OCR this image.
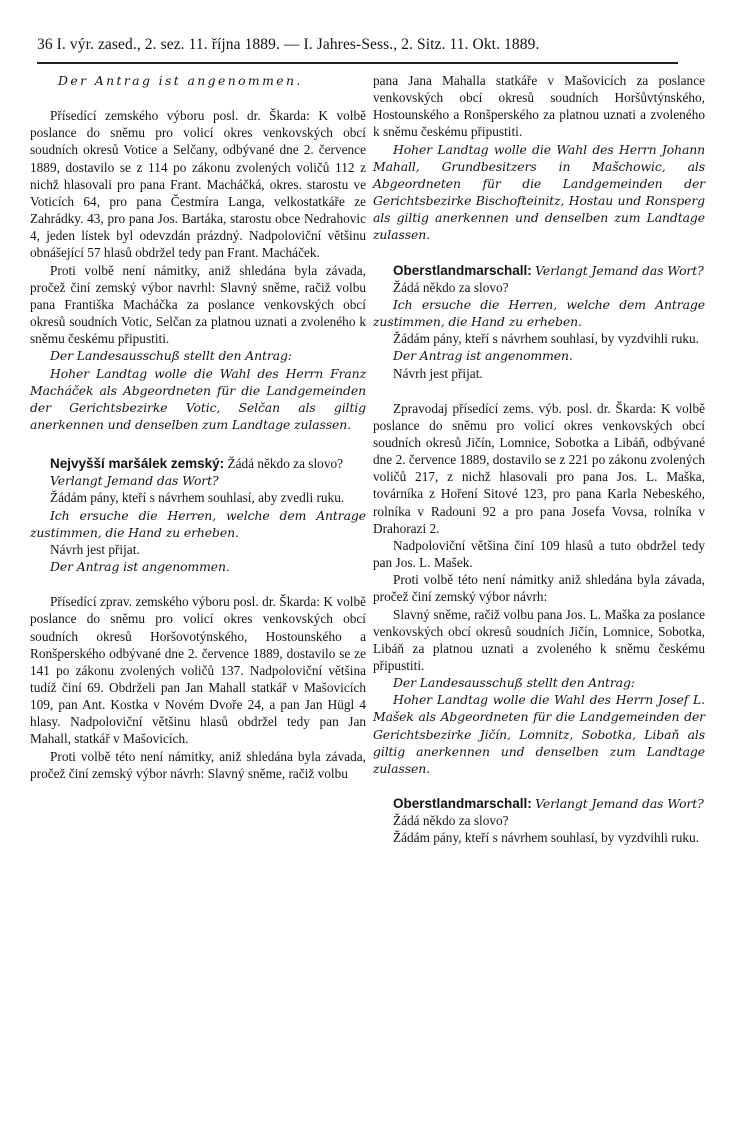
36 I. výr. zased., 2. sez. 11. října 1889. — I. Jahres-Sess., 2. Sitz. 11. Okt. 1889.

Der Antrag ist angenommen.

Přísedící zemského výboru posl. dr. Škarda: K volbě poslance do sněmu pro volicí okres venkovských obcí soudních okresů Votice a Selčany, odbývané dne 2. července 1889, dostavilo se z 114 po zákonu zvolených voličů 112 z nichž hlasovali pro pana Frant. Macháčká, okres. starostu ve Voticích 64, pro pana Čestmíra Langa, velkostatkáře ze Zahrádky. 43, pro pana Jos. Bartáka, starostu obce Nedrahovic 4, jeden lístek byl odevzdán prázdný. Nadpoloviční většinu obnášející 57 hlasů obdržel tedy pan Frant. Macháček.

Proti volbě není námitky, aniž shledána byla závada, pročež činí zemský výbor navrhl: Slavný sněme, račiž volbu pana Františka Macháčka za poslance venkovských obcí okresů soudních Votic, Selčan za platnou uznati a zvoleného k sněmu českému připustiti.

Der Landesausschuß stellt den Antrag:

Hoher Landtag wolle die Wahl des Herrn Franz Macháček als Abgeordneten für die Landgemeinden der Gerichtsbezirke Votic, Selčan als giltig anerkennen und denselben zum Landtage zulassen.

Nejvyšší maršálek zemský: Žádá někdo za slovo?

Verlangt Jemand das Wort?

Žádám pány, kteří s návrhem souhlasí, aby zvedli ruku.

Ich ersuche die Herren, welche dem Antrage zustimmen, die Hand zu erheben.

Návrh jest přijat.

Der Antrag ist angenommen.

Přísedící zprav. zemského výboru posl. dr. Škarda: K volbě poslance do sněmu pro volicí okres venkovských obcí soudních okresů Horšovotýnského, Hostounského a Ronšperského odbývané dne 2. července 1889, dostavilo se ze 141 po zákonu zvolených voličů 137. Nadpoloviční většina tudíž činí 69. Obdrželi pan Jan Mahall statkář v Mašovicích 109, pan Ant. Kostka v Novém Dvoře 24, a pan Jan Hügl 4 hlasy. Nadpoloviční většinu hlasů obdržel tedy pan Jan Mahall, statkář v Mašovicích.

Proti volbě této není námitky, aniž shledána byla závada, pročež činí zemský výbor návrh: Slavný sněme, račiž volbu

pana Jana Mahalla statkáře v Mašovicích za poslance venkovských obcí okresů soudních Horšůvtýnského, Hostounského a Ronšperského za platnou uznati a zvoleného k sněmu českému připustiti.

Hoher Landtag wolle die Wahl des Herrn Johann Mahall, Grundbesitzers in Mašchowic, als Abgeordneten für die Landgemeinden der Gerichtsbezirke Bischofteinitz, Hostau und Ronsperg als giltig anerkennen und denselben zum Landtage zulassen.

Oberstlandmarschall: Verlangt Jemand das Wort?

Žádá někdo za slovo?

Ich ersuche die Herren, welche dem Antrage zustimmen, die Hand zu erheben.

Žádám pány, kteří s návrhem souhlasí, by vyzdvihli ruku.

Der Antrag ist angenommen.

Návrh jest přijat.

Zpravodaj přísedící zems. výb. posl. dr. Škarda: K volbě poslance do sněmu pro volicí okres venkovských obcí soudních okresů Jičín, Lomnice, Sobotka a Libáň, odbývané dne 2. července 1889, dostavilo se z 221 po zákonu zvolených voličů 217, z nichž hlasovali pro pana Jos. L. Maška, továrníka z Hoření Sitové 123, pro pana Karla Nebeského, rolníka v Radouni 92 a pro pana Josefa Vovsa, rolníka v Drahorazi 2.

Nadpoloviční většina činí 109 hlasů a tuto obdržel tedy pan Jos. L. Mašek.

Proti volbě této není námitky aniž shledána byla závada, pročež činí zemský výbor návrh:

Slavný sněme, račiž volbu pana Jos. L. Maška za poslance venkovských obcí okresů soudních Jičín, Lomnice, Sobotka, Libáň za platnou uznati a zvoleného k sněmu českému připustiti.

Der Landesausschuß stellt den Antrag:

Hoher Landtag wolle die Wahl des Herrn Josef L. Mašek als Abgeordneten für die Landgemeinden der Gerichtsbezirke Jičín, Lomnitz, Sobotka, Libaň als giltig anerkennen und denselben zum Landtage zulassen.

Oberstlandmarschall: Verlangt Jemand das Wort?

Žádá někdo za slovo?

Žádám pány, kteří s návrhem souhlasí, by vyzdvihli ruku.
